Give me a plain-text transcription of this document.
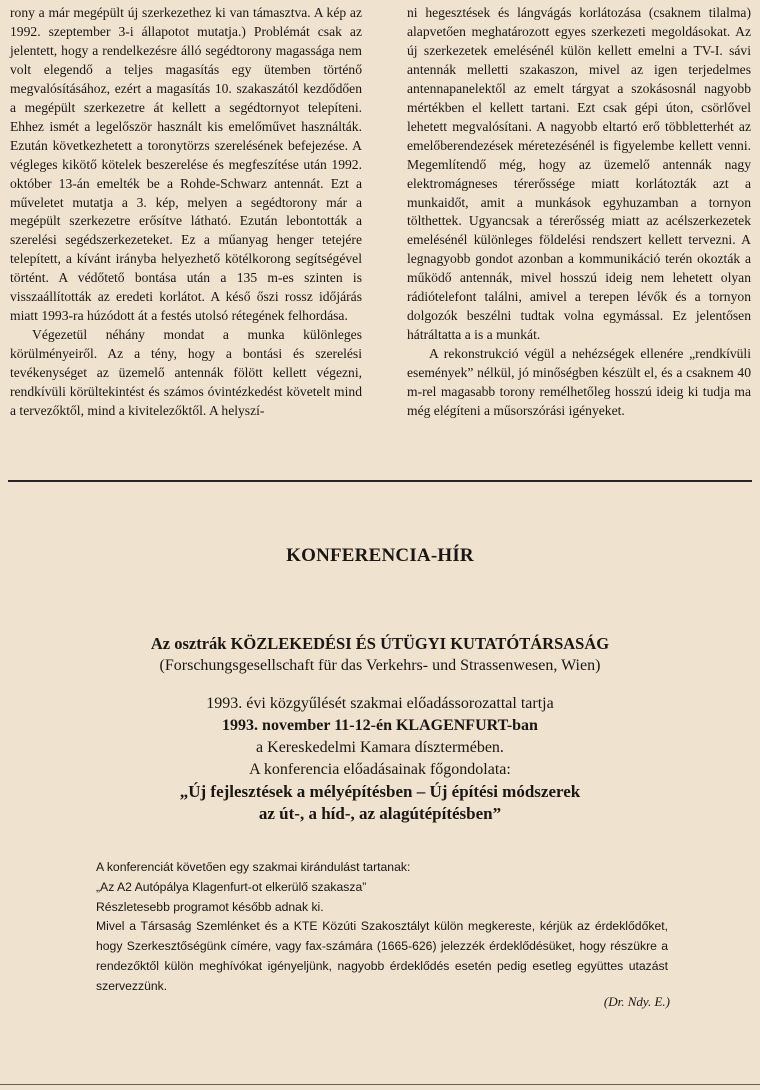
rony a már megépült új szerkezethez ki van támasztva. A kép az 1992. szeptember 3-i állapotot mutatja.) Problémát csak az jelentett, hogy a rendelkezésre álló segédtorony magassága nem volt elegendő a teljes magasítás egy ütemben történő megvalósításához, ezért a magasítás 10. szakaszától kezdődően a megépült szerkezetre át kellett a segédtornyot telepíteni. Ehhez ismét a legelőször használt kis emelőművet használták. Ezután következhetett a toronytörzs szerelésének befejezése. A végleges kikötő kötelek beszerelése és megfeszítése után 1992. október 13-án emelték be a Rohde-Schwarz antennát. Ezt a műveletet mutatja a 3. kép, melyen a segédtorony már a megépült szerkezetre erősítve látható. Ezután lebontották a szerelési segédszerkezeteket. Ez a műanyag henger tetejére telepített, a kívánt irányba helyezhető kötélkorong segítségével történt. A védőtető bontása után a 135 m-es szinten is visszaállították az eredeti korlátot. A késő őszi rossz időjárás miatt 1993-ra húzódott át a festés utolsó rétegének felhordása.

Végezetül néhány mondat a munka különleges körülményeiről. Az a tény, hogy a bontási és szerelési tevékenységet az üzemelő antennák fölött kellett végezni, rendkívüli körültekintést és számos óvintézkedést követelt mind a tervezőktől, mind a kivitelezőktől. A helyszí-

ni hegesztések és lángvágás korlátozása (csaknem tilalma) alapvetően meghatározott egyes szerkezeti megoldásokat. Az új szerkezetek emelésénél külön kellett emelni a TV-I. sávi antennák melletti szakaszon, mivel az igen terjedelmes antennapanelektől az emelt tárgyat a szokásosnál nagyobb mértékben el kellett tartani. Ezt csak gépi úton, csörlővel lehetett megvalósítani. A nagyobb eltartó erő többletterhét az emelőberendezések méretezésénél is figyelembe kellett venni. Megemlítendő még, hogy az üzemelő antennák nagy elektromágneses térerőssége miatt korlátozták azt a munkaidőt, amit a munkások egyhuzamban a tornyon tölthettek. Ugyancsak a térerősség miatt az acélszerkezetek emelésénél különleges földelési rendszert kellett tervezni. A legnagyobb gondot azonban a kommunikáció terén okozták a működő antennák, mivel hosszú ideig nem lehetett olyan rádiótelefont találni, amivel a terepen lévők és a tornyon dolgozók beszélni tudtak volna egymással. Ez jelentősen hátráltatta a is a munkát.

A rekonstrukció végül a nehézségek ellenére „rendkívüli események” nélkül, jó minőségben készült el, és a csaknem 40 m-rel magasabb torony remélhetőleg hosszú ideig ki tudja ma még elégíteni a műsorszórási igényeket.

KONFERENCIA-HÍR
Az osztrák KÖZLEKEDÉSI ÉS ÚTÜGYI KUTATÓTÁRSASÁG
(Forschungsgesellschaft für das Verkehrs- und Strassenwesen, Wien)
1993. évi közgyűlését szakmai előadássorozattal tartja
1993. november 11-12-én KLAGENFURT-ban
a Kereskedelmi Kamara dísztermében.
A konferencia előadásainak főgondolata:
„Új fejlesztések a mélyépítésben – Új építési módszerek
az út-, a híd-, az alagútépítésben”

A konferenciát követően egy szakmai kirándulást tartanak:

„Az A2 Autópálya Klagenfurt-ot elkerülő szakasza”

Részletesebb programot később adnak ki.

Mivel a Társaság Szemlénket és a KTE Közúti Szakosztályt külön megkereste, kérjük az érdeklődőket, hogy Szerkesztőségünk címére, vagy fax-számára (1665-626) jelezzék érdeklődésüket, hogy részükre a rendezőktől külön meghívókat igényeljünk, nagyobb érdeklődés esetén pedig esetleg együttes utazást szervezzünk.

(Dr. Ndy. E.)
